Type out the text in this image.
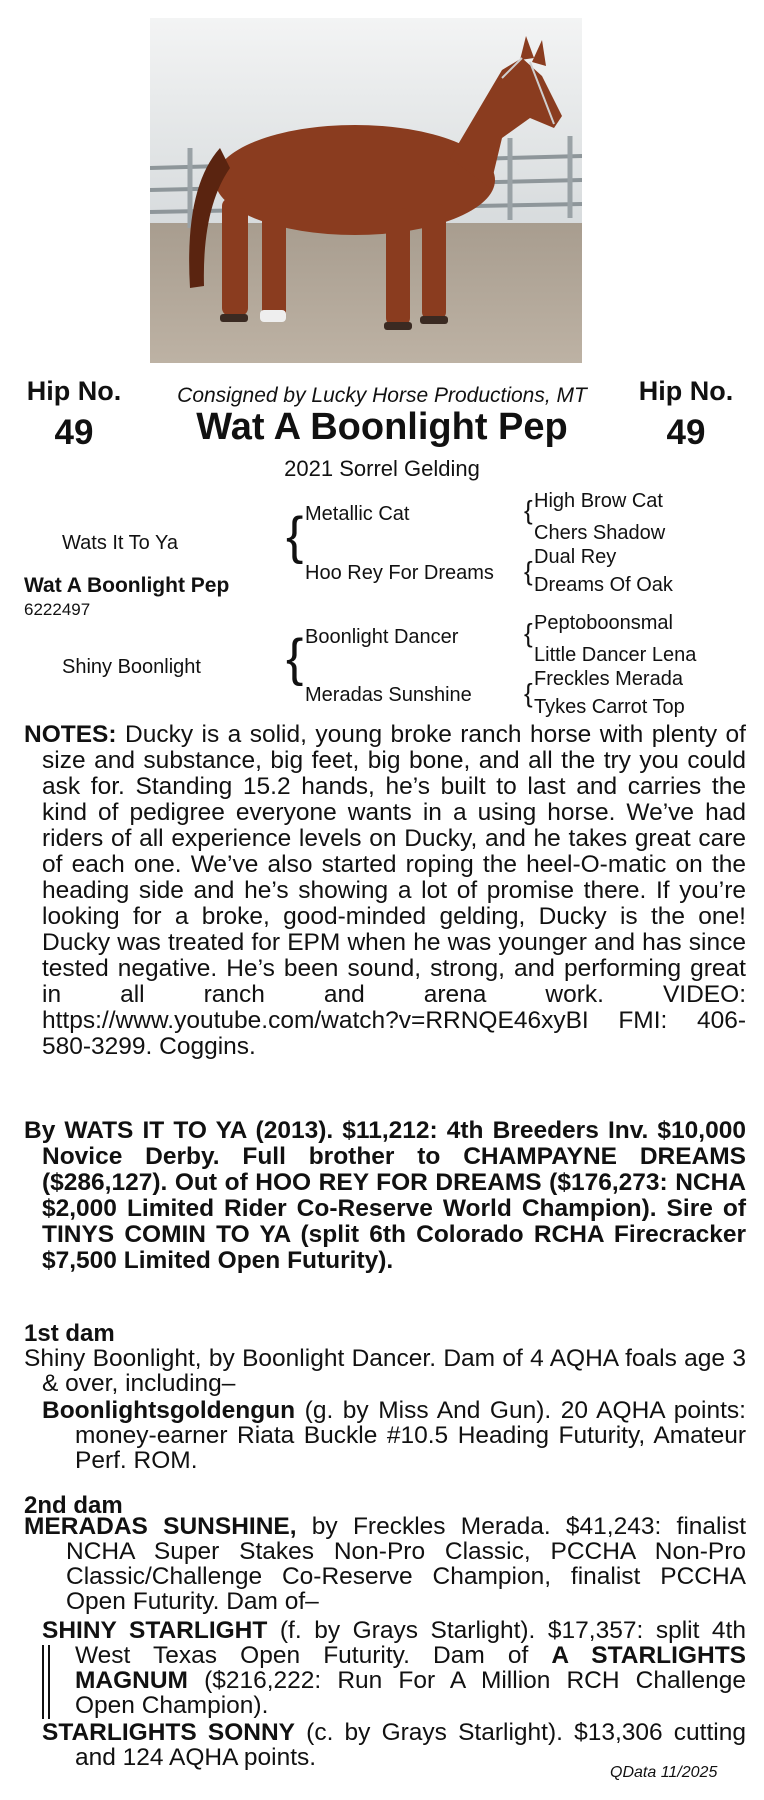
Hip No.
49
Hip No.
49
Consigned by Lucky Horse Productions, MT
Wat A Boonlight Pep
2021 Sorrel Gelding
Wats It To Ya
Wat A Boonlight Pep
6222497
Shiny Boonlight
{
{
Metallic Cat
Hoo Rey For Dreams
Boonlight Dancer
Meradas Sunshine
{
{
{
{
High Brow Cat
Chers Shadow
Dual Rey
Dreams Of Oak
Peptoboonsmal
Little Dancer Lena
Freckles Merada
Tykes Carrot Top

NOTES: Ducky is a solid, young broke ranch horse with plenty of size and substance, big feet, big bone, and all the try you could ask for. Standing 15.2 hands, he’s built to last and carries the kind of pedigree everyone wants in a using horse. We’ve had riders of all experience levels on Ducky, and he takes great care of each one. We’ve also started roping the heel-O-matic on the heading side and he’s showing a lot of promise there. If you’re looking for a broke, good-minded gelding, Ducky is the one! Ducky was treated for EPM when he was younger and has since tested negative. He’s been sound, strong, and performing great in all ranch and arena work. VIDEO: https://www.youtube.com/watch?v=RRNQE46xyBI FMI: 406-580-3299. Coggins.

By WATS IT TO YA (2013). $11,212: 4th Breeders Inv. $10,000 Novice Derby. Full brother to CHAMPAYNE DREAMS ($286,127). Out of HOO REY FOR DREAMS ($176,273: NCHA $2,000 Limited Rider Co-Reserve World Champion). Sire of TINYS COMIN TO YA (split 6th Colorado RCHA Firecracker $7,500 Limited Open Futurity).

1st dam
Shiny Boonlight, by Boonlight Dancer. Dam of 4 AQHA foals age 3 & over, including–
Boonlightsgoldengun (g. by Miss And Gun). 20 AQHA points: money-earner Riata Buckle #10.5 Heading Futurity, Amateur Perf. ROM.
2nd dam
MERADAS SUNSHINE, by Freckles Merada. $41,243: finalist NCHA Super Stakes Non-Pro Classic, PCCHA Non-Pro Classic/Challenge Co-Reserve Champion, finalist PCCHA Open Futurity. Dam of–
SHINY STARLIGHT (f. by Grays Starlight). $17,357: split 4th West Texas Open Futurity. Dam of A STARLIGHTS MAGNUM ($216,222: Run For A Million RCH Challenge Open Champion).
STARLIGHTS SONNY (c. by Grays Starlight). $13,306 cutting and 124 AQHA points.
QData 11/2025
